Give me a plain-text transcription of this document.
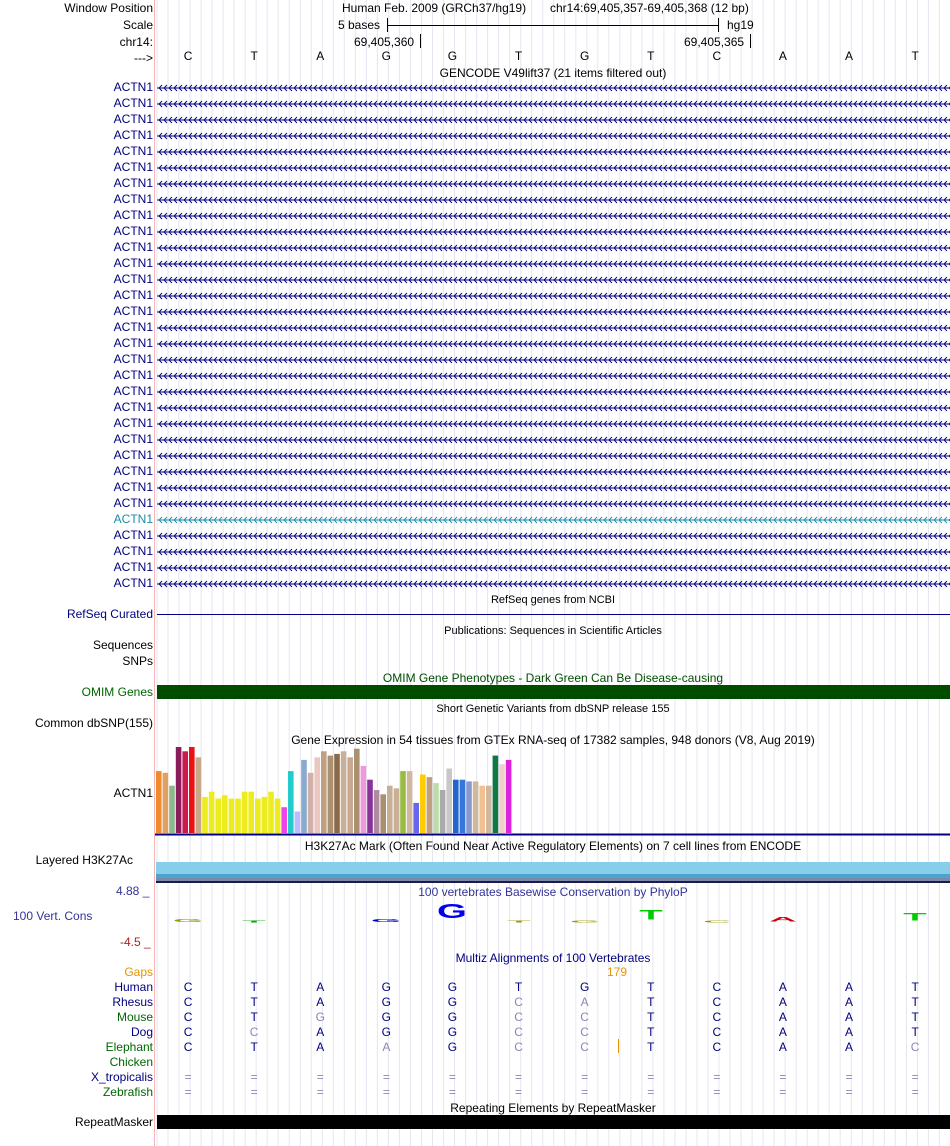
Window Position	Human Feb. 2009 (GRCh37/hg19) chr14:69,405,357-69,405,368 (12 bp)
Scale	5 bases	hg19
chr14:	69,405,360	69,405,365
--->	C	T	A	G	G	T	G	T	C	A	A	T
GENCODE V49lift37 (21 items filtered out)
ACTN1
ACTN1
ACTN1
ACTN1
ACTN1
ACTN1
ACTN1
ACTN1
ACTN1
ACTN1
ACTN1
ACTN1
ACTN1
ACTN1
ACTN1
ACTN1
ACTN1
ACTN1
ACTN1
ACTN1
ACTN1
ACTN1
ACTN1
ACTN1
ACTN1
ACTN1
ACTN1
ACTN1
ACTN1
ACTN1
ACTN1
ACTN1
RefSeq genes from NCBI
RefSeq Curated
Publications: Sequences in Scientific Articles
Sequences
SNPs
OMIM Gene Phenotypes - Dark Green Can Be Disease-causing
OMIM Genes
Short Genetic Variants from dbSNP release 155
Common dbSNP(155)
Gene Expression in 54 tissues from GTEx RNA-seq of 17382 samples, 948 donors (V8, Aug 2019)
ACTN1
H3K27Ac Mark (Often Found Near Active Regulatory Elements) on 7 cell lines from ENCODE
Layered H3K27Ac
100 vertebrates Basewise Conservation by PhyloP
4.88 _
100 Vert. Cons
-4.5 _
G	T	G	G	T	G	T	C	A	T
Multiz Alignments of 100 Vertebrates
Gaps	179
Human	C	T	A	G	G	T	G	T	C	A	A	T
Rhesus	C	T	A	G	G	C	A	T	C	A	A	T
Mouse	C	T	G	G	G	C	C	T	C	A	A	T
Dog	C	C	A	G	G	C	C	T	C	A	A	T
Elephant	C	T	A	A	G	C	C	T	C	A	A	C
Chicken
X_tropicalis	=	=	=	=	=	=	=	=	=	=	=	=
Zebrafish	=	=	=	=	=	=	=	=	=	=	=	=
Repeating Elements by RepeatMasker
RepeatMasker
